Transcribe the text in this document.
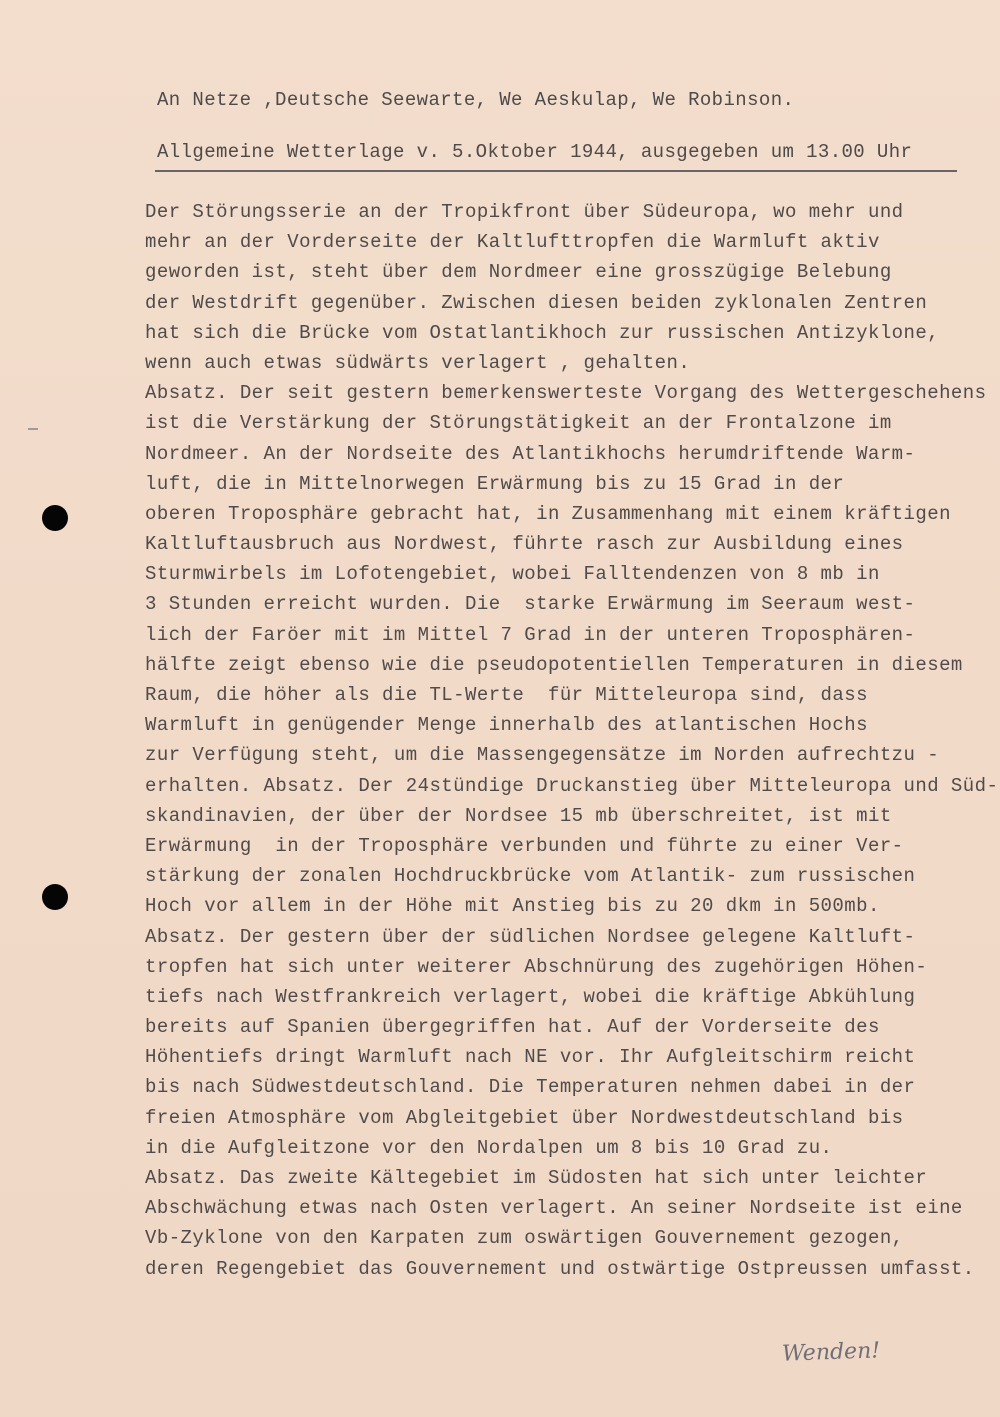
An Netze ,Deutsche Seewarte, We Aeskulap, We Robinson.
Allgemeine Wetterlage v. 5.Oktober 1944, ausgegeben um 13.00 Uhr
Der Störungsserie an der Tropikfront über Südeuropa, wo mehr und
mehr an der Vorderseite der Kaltlufttropfen die Warmluft aktiv
geworden ist, steht über dem Nordmeer eine grosszügige Belebung
der Westdrift gegenüber. Zwischen diesen beiden zyklonalen Zentren
hat sich die Brücke vom Ostatlantikhoch zur russischen Antizyklone,
wenn auch etwas südwärts verlagert , gehalten.
Absatz. Der seit gestern bemerkenswerteste Vorgang des Wettergeschehens
ist die Verstärkung der Störungstätigkeit an der Frontalzone im
Nordmeer. An der Nordseite des Atlantikhochs herumdriftende Warm-
luft, die in Mittelnorwegen Erwärmung bis zu 15 Grad in der
oberen Troposphäre gebracht hat, in Zusammenhang mit einem kräftigen
Kaltluftausbruch aus Nordwest, führte rasch zur Ausbildung eines
Sturmwirbels im Lofotengebiet, wobei Falltendenzen von 8 mb in
3 Stunden erreicht wurden. Die  starke Erwärmung im Seeraum west-
lich der Faröer mit im Mittel 7 Grad in der unteren Troposphären-
hälfte zeigt ebenso wie die pseudopotentiellen Temperaturen in diesem
Raum, die höher als die TL-Werte  für Mitteleuropa sind, dass
Warmluft in genügender Menge innerhalb des atlantischen Hochs
zur Verfügung steht, um die Massengegensätze im Norden aufrechtzu -
erhalten. Absatz. Der 24stündige Druckanstieg über Mitteleuropa und Süd-
skandinavien, der über der Nordsee 15 mb überschreitet, ist mit
Erwärmung  in der Troposphäre verbunden und führte zu einer Ver-
stärkung der zonalen Hochdruckbrücke vom Atlantik- zum russischen
Hoch vor allem in der Höhe mit Anstieg bis zu 20 dkm in 500mb.
Absatz. Der gestern über der südlichen Nordsee gelegene Kaltluft-
tropfen hat sich unter weiterer Abschnürung des zugehörigen Höhen-
tiefs nach Westfrankreich verlagert, wobei die kräftige Abkühlung
bereits auf Spanien übergegriffen hat. Auf der Vorderseite des
Höhentiefs dringt Warmluft nach NE vor. Ihr Aufgleitschirm reicht
bis nach Südwestdeutschland. Die Temperaturen nehmen dabei in der
freien Atmosphäre vom Abgleitgebiet über Nordwestdeutschland bis
in die Aufgleitzone vor den Nordalpen um 8 bis 10 Grad zu.
Absatz. Das zweite Kältegebiet im Südosten hat sich unter leichter
Abschwächung etwas nach Osten verlagert. An seiner Nordseite ist eine
Vb-Zyklone von den Karpaten zum oswärtigen Gouvernement gezogen,
deren Regengebiet das Gouvernement und ostwärtige Ostpreussen umfasst.
Wenden!
